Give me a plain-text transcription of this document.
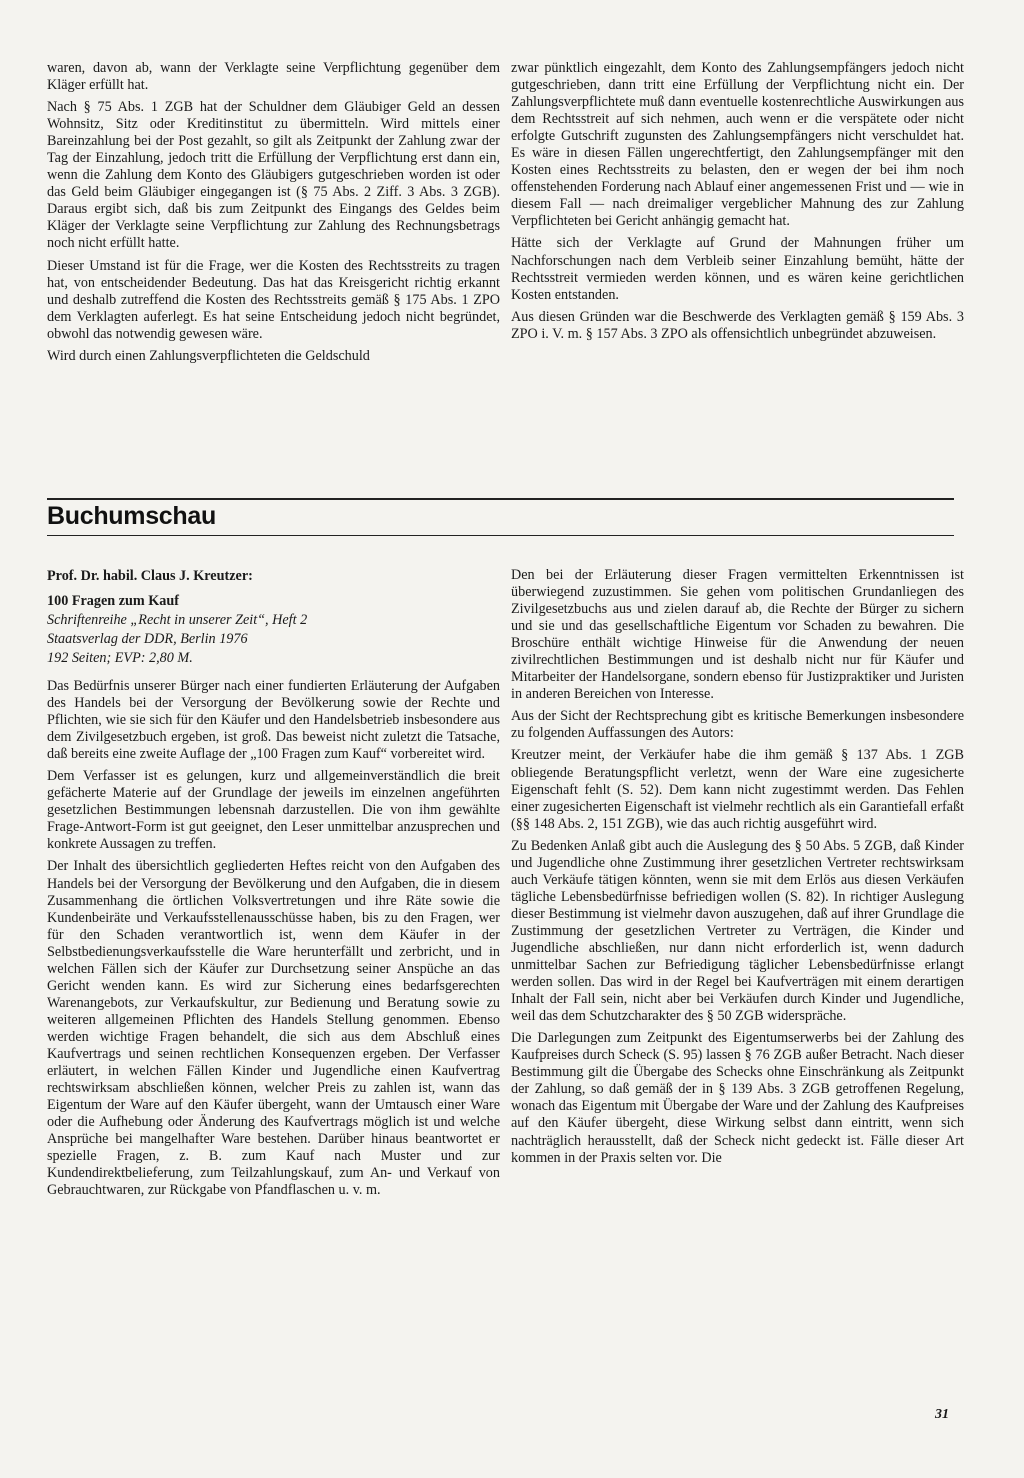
waren, davon ab, wann der Verklagte seine Verpflichtung gegenüber dem Kläger erfüllt hat.

Nach § 75 Abs. 1 ZGB hat der Schuldner dem Gläubiger Geld an dessen Wohnsitz, Sitz oder Kreditinstitut zu übermitteln. Wird mittels einer Bareinzahlung bei der Post gezahlt, so gilt als Zeitpunkt der Zahlung zwar der Tag der Einzahlung, jedoch tritt die Erfüllung der Verpflichtung erst dann ein, wenn die Zahlung dem Konto des Gläubigers gutgeschrieben worden ist oder das Geld beim Gläubiger eingegangen ist (§ 75 Abs. 2 Ziff. 3 Abs. 3 ZGB). Daraus ergibt sich, daß bis zum Zeitpunkt des Eingangs des Geldes beim Kläger der Verklagte seine Verpflichtung zur Zahlung des Rechnungsbetrags noch nicht erfüllt hatte.

Dieser Umstand ist für die Frage, wer die Kosten des Rechtsstreits zu tragen hat, von entscheidender Bedeutung. Das hat das Kreisgericht richtig erkannt und deshalb zutreffend die Kosten des Rechtsstreits gemäß § 175 Abs. 1 ZPO dem Verklagten auferlegt. Es hat seine Entscheidung jedoch nicht begründet, obwohl das notwendig gewesen wäre.

Wird durch einen Zahlungsverpflichteten die Geldschuld

zwar pünktlich eingezahlt, dem Konto des Zahlungsempfängers jedoch nicht gutgeschrieben, dann tritt eine Erfüllung der Verpflichtung nicht ein. Der Zahlungsverpflichtete muß dann eventuelle kostenrechtliche Auswirkungen aus dem Rechtsstreit auf sich nehmen, auch wenn er die verspätete oder nicht erfolgte Gutschrift zugunsten des Zahlungsempfängers nicht verschuldet hat. Es wäre in diesen Fällen ungerechtfertigt, den Zahlungsempfänger mit den Kosten eines Rechtsstreits zu belasten, den er wegen der bei ihm noch offenstehenden Forderung nach Ablauf einer angemessenen Frist und — wie in diesem Fall — nach dreimaliger vergeblicher Mahnung des zur Zahlung Verpflichteten bei Gericht anhängig gemacht hat.

Hätte sich der Verklagte auf Grund der Mahnungen früher um Nachforschungen nach dem Verbleib seiner Einzahlung bemüht, hätte der Rechtsstreit vermieden werden können, und es wären keine gerichtlichen Kosten entstanden.

Aus diesen Gründen war die Beschwerde des Verklagten gemäß § 159 Abs. 3 ZPO i. V. m. § 157 Abs. 3 ZPO als offensichtlich unbegründet abzuweisen.

Buchumschau
Prof. Dr. habil. Claus J. Kreutzer:
100 Fragen zum Kauf
Schriftenreihe „Recht in unserer Zeit“, Heft 2
Staatsverlag der DDR, Berlin 1976
192 Seiten; EVP: 2,80 M.

Das Bedürfnis unserer Bürger nach einer fundierten Erläuterung der Aufgaben des Handels bei der Versorgung der Bevölkerung sowie der Rechte und Pflichten, wie sie sich für den Käufer und den Handelsbetrieb insbesondere aus dem Zivilgesetzbuch ergeben, ist groß. Das beweist nicht zuletzt die Tatsache, daß bereits eine zweite Auflage der „100 Fragen zum Kauf“ vorbereitet wird.

Dem Verfasser ist es gelungen, kurz und allgemeinverständlich die breit gefächerte Materie auf der Grundlage der jeweils im einzelnen angeführten gesetzlichen Bestimmungen lebensnah darzustellen. Die von ihm gewählte Frage-Antwort-Form ist gut geeignet, den Leser unmittelbar anzusprechen und konkrete Aussagen zu treffen.

Der Inhalt des übersichtlich gegliederten Heftes reicht von den Aufgaben des Handels bei der Versorgung der Bevölkerung und den Aufgaben, die in diesem Zusammenhang die örtlichen Volksvertretungen und ihre Räte sowie die Kundenbeiräte und Verkaufsstellenausschüsse haben, bis zu den Fragen, wer für den Schaden verantwortlich ist, wenn dem Käufer in der Selbstbedienungsverkaufsstelle die Ware herunterfällt und zerbricht, und in welchen Fällen sich der Käufer zur Durchsetzung seiner Anspüche an das Gericht wenden kann. Es wird zur Sicherung eines bedarfsgerechten Warenangebots, zur Verkaufskultur, zur Bedienung und Beratung sowie zu weiteren allgemeinen Pflichten des Handels Stellung genommen. Ebenso werden wichtige Fragen behandelt, die sich aus dem Abschluß eines Kaufvertrags und seinen rechtlichen Konsequenzen ergeben. Der Verfasser erläutert, in welchen Fällen Kinder und Jugendliche einen Kaufvertrag rechtswirksam abschließen können, welcher Preis zu zahlen ist, wann das Eigentum der Ware auf den Käufer übergeht, wann der Umtausch einer Ware oder die Aufhebung oder Änderung des Kaufvertrags möglich ist und welche Ansprüche bei mangelhafter Ware bestehen. Darüber hinaus beantwortet er spezielle Fragen, z. B. zum Kauf nach Muster und zur Kundendirektbelieferung, zum Teilzahlungskauf, zum An- und Verkauf von Gebrauchtwaren, zur Rückgabe von Pfandflaschen u. v. m.

Den bei der Erläuterung dieser Fragen vermittelten Erkenntnissen ist überwiegend zuzustimmen. Sie gehen vom politischen Grundanliegen des Zivilgesetzbuchs aus und zielen darauf ab, die Rechte der Bürger zu sichern und sie und das gesellschaftliche Eigentum vor Schaden zu bewahren. Die Broschüre enthält wichtige Hinweise für die Anwendung der neuen zivilrechtlichen Bestimmungen und ist deshalb nicht nur für Käufer und Mitarbeiter der Handelsorgane, sondern ebenso für Justizpraktiker und Juristen in anderen Bereichen von Interesse.

Aus der Sicht der Rechtsprechung gibt es kritische Bemerkungen insbesondere zu folgenden Auffassungen des Autors:

Kreutzer meint, der Verkäufer habe die ihm gemäß § 137 Abs. 1 ZGB obliegende Beratungspflicht verletzt, wenn der Ware eine zugesicherte Eigenschaft fehlt (S. 52). Dem kann nicht zugestimmt werden. Das Fehlen einer zugesicherten Eigenschaft ist vielmehr rechtlich als ein Garantiefall erfaßt (§§ 148 Abs. 2, 151 ZGB), wie das auch richtig ausgeführt wird.

Zu Bedenken Anlaß gibt auch die Auslegung des § 50 Abs. 5 ZGB, daß Kinder und Jugendliche ohne Zustimmung ihrer gesetzlichen Vertreter rechtswirksam auch Verkäufe tätigen könnten, wenn sie mit dem Erlös aus diesen Verkäufen tägliche Lebensbedürfnisse befriedigen wollen (S. 82). In richtiger Auslegung dieser Bestimmung ist vielmehr davon auszugehen, daß auf ihrer Grundlage die Zustimmung der gesetzlichen Vertreter zu Verträgen, die Kinder und Jugendliche abschließen, nur dann nicht erforderlich ist, wenn dadurch unmittelbar Sachen zur Befriedigung täglicher Lebensbedürfnisse erlangt werden sollen. Das wird in der Regel bei Kaufverträgen mit einem derartigen Inhalt der Fall sein, nicht aber bei Verkäufen durch Kinder und Jugendliche, weil das dem Schutzcharakter des § 50 ZGB widerspräche.

Die Darlegungen zum Zeitpunkt des Eigentumserwerbs bei der Zahlung des Kaufpreises durch Scheck (S. 95) lassen § 76 ZGB außer Betracht. Nach dieser Bestimmung gilt die Übergabe des Schecks ohne Einschränkung als Zeitpunkt der Zahlung, so daß gemäß der in § 139 Abs. 3 ZGB getroffenen Regelung, wonach das Eigentum mit Übergabe der Ware und der Zahlung des Kaufpreises auf den Käufer übergeht, diese Wirkung selbst dann eintritt, wenn sich nachträglich herausstellt, daß der Scheck nicht gedeckt ist. Fälle dieser Art kommen in der Praxis selten vor. Die

31
